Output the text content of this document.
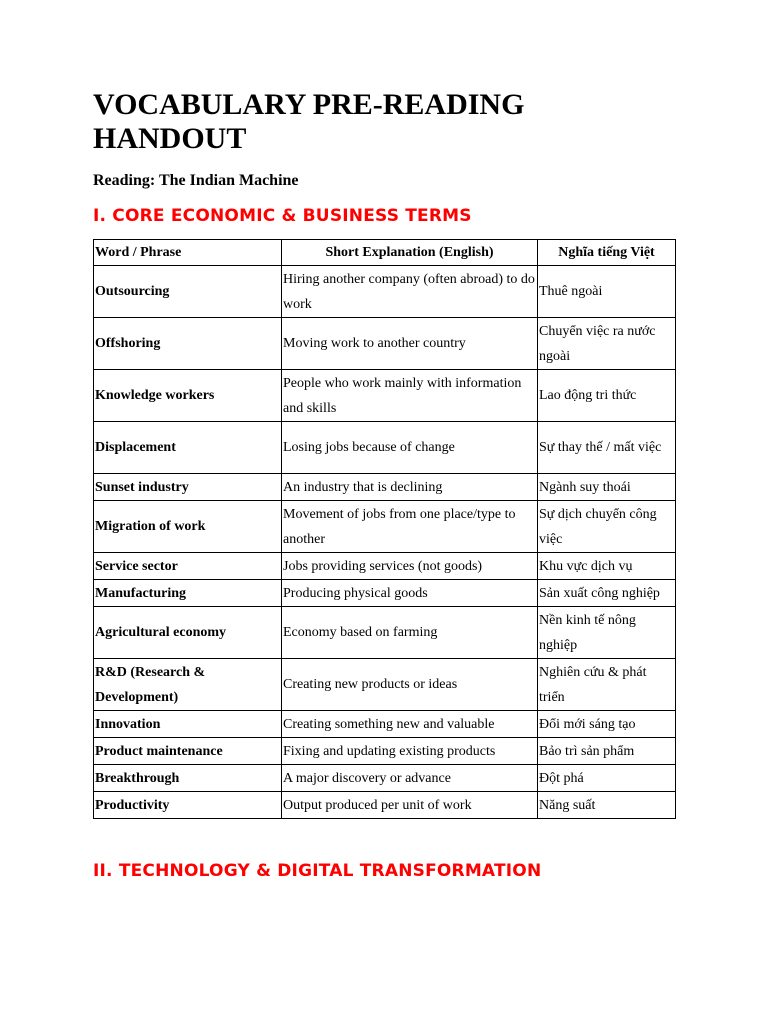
VOCABULARY PRE-READING HANDOUT

Reading: The Indian Machine

I. CORE ECONOMIC & BUSINESS TERMS
Word / Phrase	Short Explanation (English)	Nghĩa tiếng Việt
Outsourcing	Hiring another company (often abroad) to do work	Thuê ngoài
Offshoring	Moving work to another country	Chuyển việc ra nước ngoài
Knowledge workers	People who work mainly with information and skills	Lao động tri thức
Displacement	Losing jobs because of change	Sự thay thế / mất việc
Sunset industry	An industry that is declining	Ngành suy thoái
Migration of work	Movement of jobs from one place/type to another	Sự dịch chuyển công việc
Service sector	Jobs providing services (not goods)	Khu vực dịch vụ
Manufacturing	Producing physical goods	Sản xuất công nghiệp
Agricultural economy	Economy based on farming	Nền kinh tế nông nghiệp
R&D (Research & Development)	Creating new products or ideas	Nghiên cứu & phát triển
Innovation	Creating something new and valuable	Đổi mới sáng tạo
Product maintenance	Fixing and updating existing products	Bảo trì sản phẩm
Breakthrough	A major discovery or advance	Đột phá
Productivity	Output produced per unit of work	Năng suất
II. TECHNOLOGY & DIGITAL TRANSFORMATION
